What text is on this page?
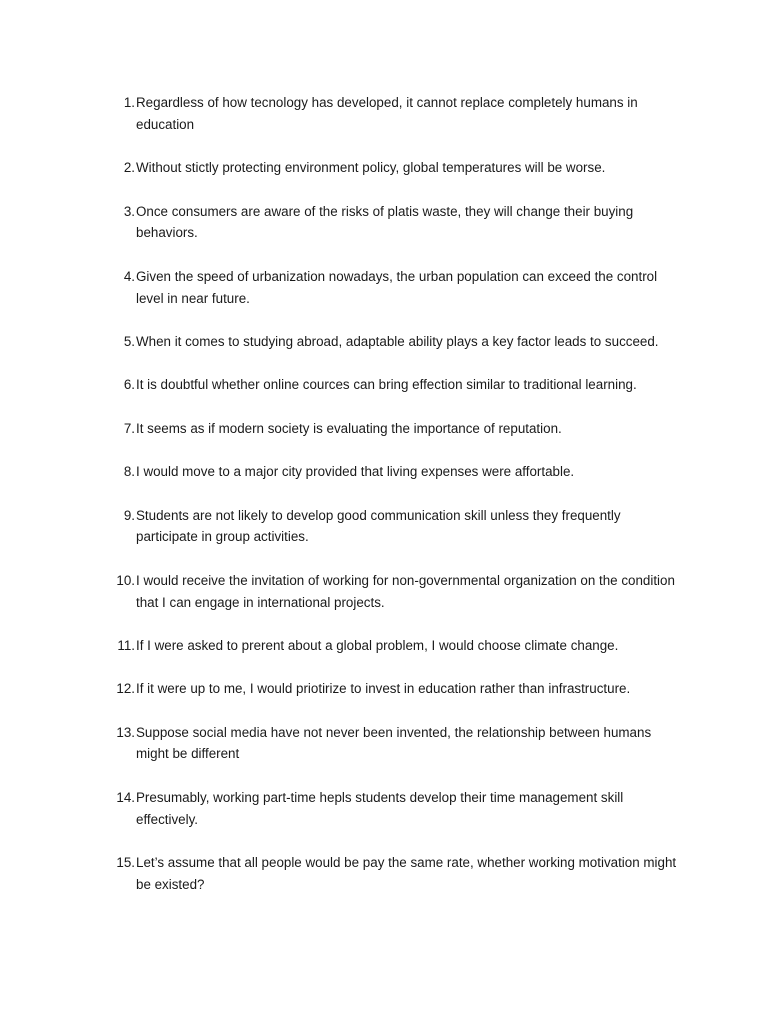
1. Regardless of how tecnology has developed, it cannot replace completely humans in education
2. Without stictly protecting environment policy, global temperatures will be worse.
3. Once consumers are aware of the risks of platis waste, they will change their buying behaviors.
4. Given the speed of urbanization nowadays, the urban population can exceed the control level in near future.
5. When it comes to studying abroad, adaptable ability plays a key factor leads to succeed.
6. It is doubtful whether online cources can bring effection similar to traditional learning.
7. It seems as if modern society is evaluating the importance of reputation.
8. I would move to a major city provided that living expenses were affortable.
9. Students are not likely to develop good communication skill unless they frequently participate in group activities.
10. I would receive the invitation of working for non-governmental organization on the condition that I can engage in international projects.
11. If I were asked to prerent about a global problem, I would choose climate change.
12. If it were up to me, I would priotirize to invest in education rather than infrastructure.
13. Suppose social media have not never been invented, the relationship between humans might be different
14. Presumably, working part-time hepls students develop their time management skill effectively.
15. Let’s assume that all people would be pay the same rate, whether working motivation might be existed?
